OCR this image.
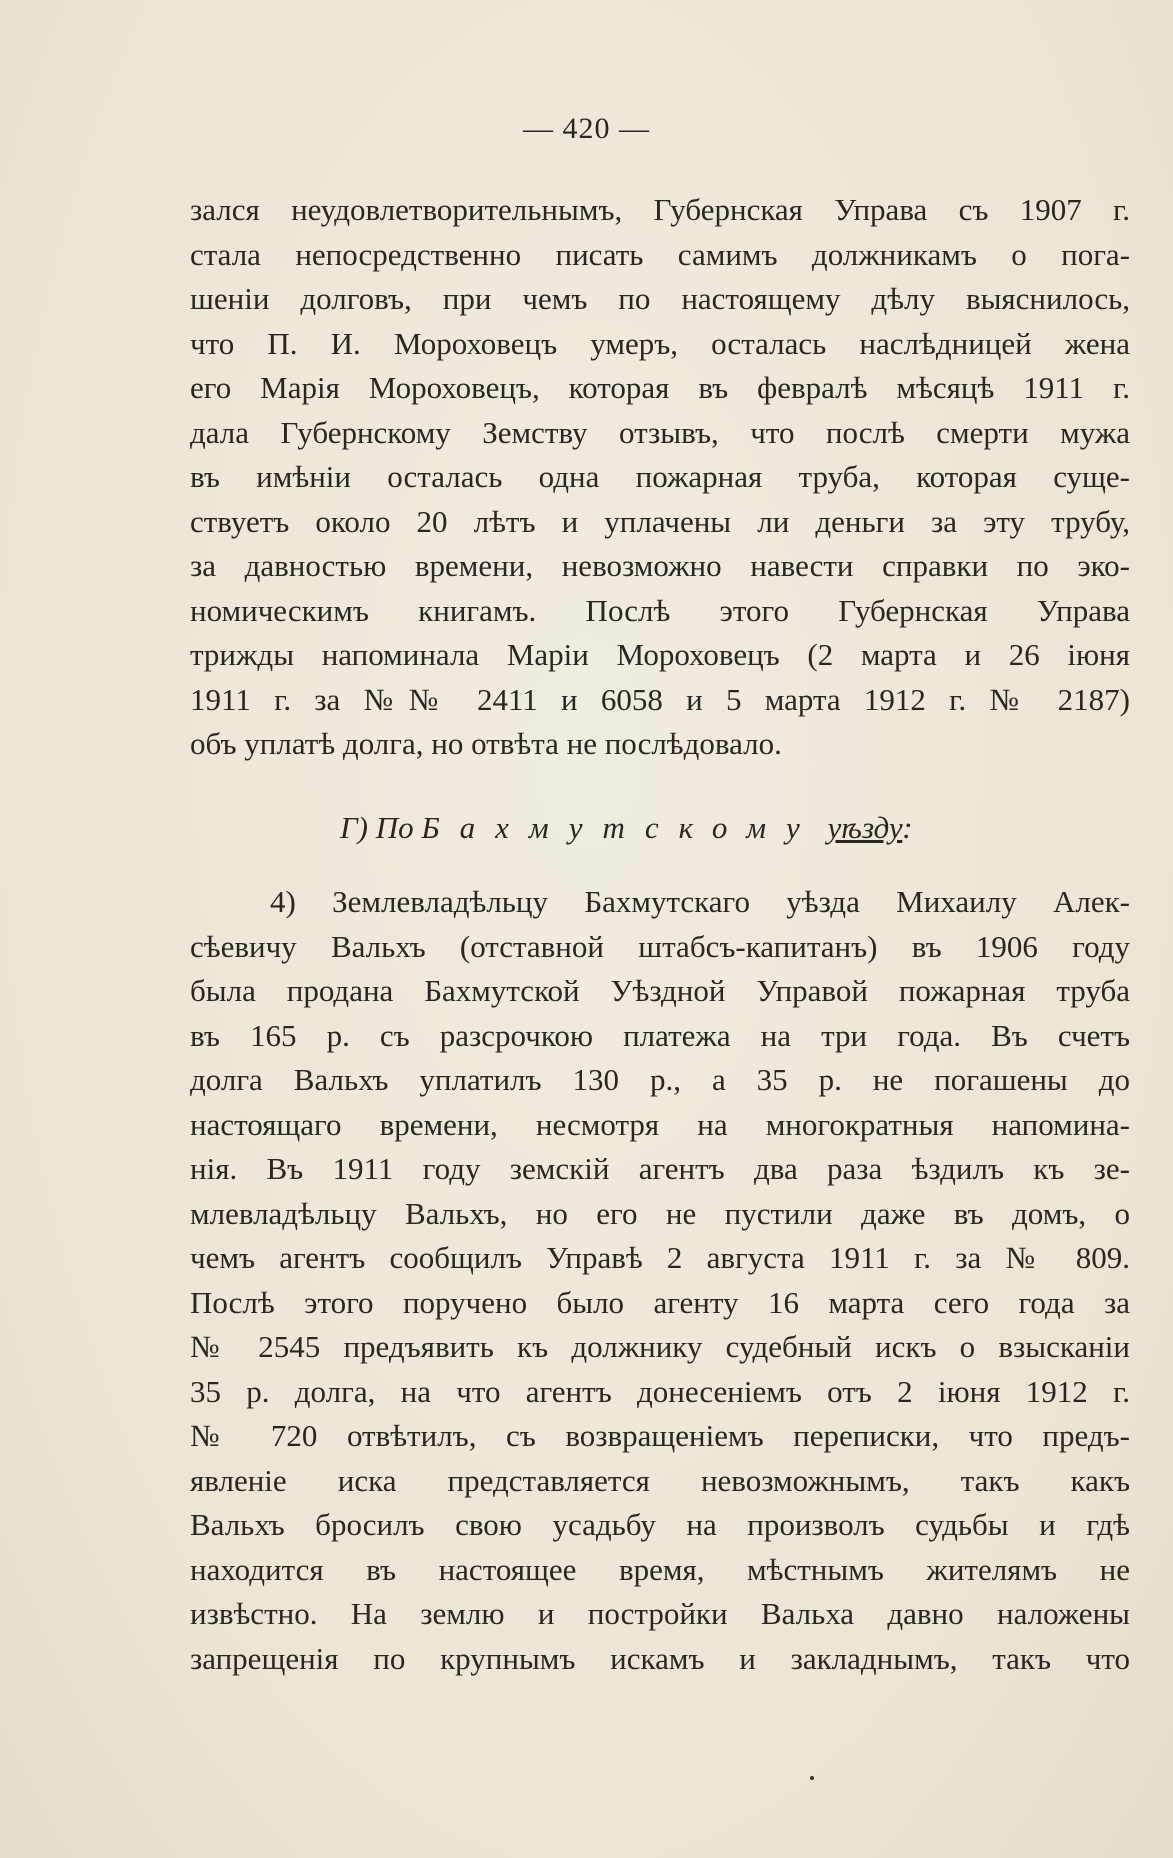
— 420 —
зался неудовлетворительнымъ, Губернская Управа съ 1907 г.
стала непосредственно писать самимъ должникамъ о пога-
шенiи долговъ, при чемъ по настоящему дѣлу выяснилось,
что П. И. Мороховецъ умеръ, осталась наслѣдницей жена
его Марiя Мороховецъ, которая въ февралѣ мѣсяцѣ 1911 г.
дала Губернскому Земству отзывъ, что послѣ смерти мужа
въ имѣнiи осталась одна пожарная труба, которая суще-
ствуетъ около 20 лѣтъ и уплачены ли деньги за эту трубу,
за давностью времени, невозможно навести справки по эко-
номическимъ книгамъ. Послѣ этого Губернская Управа
трижды напоминала Марiи Мороховецъ (2 марта и 26 iюня
1911 г. за №№ 2411 и 6058 и 5 марта 1912 г. № 2187)
объ уплатѣ долга, но отвѣта не послѣдовало.
Г) По Бахмутскому уѣзду:
4) Землевладѣльцу Бахмутскаго уѣзда Михаилу Алек-
сѣевичу Вальхъ (отставной штабсъ-капитанъ) въ 1906 году
была продана Бахмутской Уѣздной Управой пожарная труба
въ 165 р. съ разсрочкою платежа на три года. Въ счетъ
долга Вальхъ уплатилъ 130 р., а 35 р. не погашены до
настоящаго времени, несмотря на многократныя напомина-
нiя. Въ 1911 году земскiй агентъ два раза ѣздилъ къ зе-
млевладѣльцу Вальхъ, но его не пустили даже въ домъ, о
чемъ агентъ сообщилъ Управѣ 2 августа 1911 г. за № 809.
Послѣ этого поручено было агенту 16 марта сего года за
№ 2545 предъявить къ должнику судебный искъ о взысканiи
35 р. долга, на что агентъ донесенiемъ отъ 2 iюня 1912 г.
№ 720 отвѣтилъ, съ возвращенiемъ переписки, что предъ-
явленiе иска представляется невозможнымъ, такъ какъ
Вальхъ бросилъ свою усадьбу на произволъ судьбы и гдѣ
находится въ настоящее время, мѣстнымъ жителямъ не
извѣстно. На землю и постройки Вальха давно наложены
запрещенiя по крупнымъ искамъ и закладнымъ, такъ что
